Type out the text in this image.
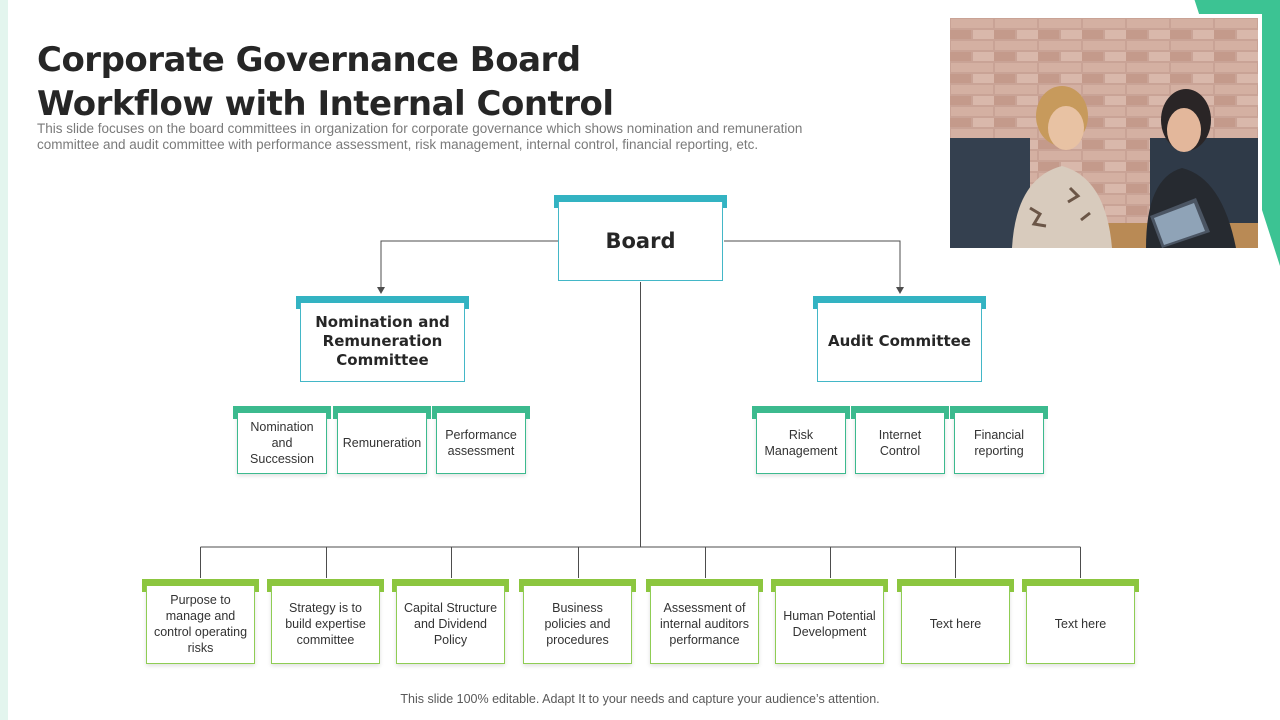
Corporate Governance Board
Workflow with Internal Control
This slide focuses on the board committees in organization for corporate governance which shows nomination and remuneration committee and audit committee with performance assessment, risk management, internal control, financial reporting, etc.
Board
Nomination and Remuneration Committee
Audit Committee
Nomination and Succession
Remuneration
Performance assessment
Risk Management
Internet Control
Financial reporting
Purpose to manage and control operating risks
Strategy is to build expertise committee
Capital Structure and Dividend Policy
Business policies and procedures
Assessment of internal auditors performance
Human Potential Development
Text here	Text here
This slide 100% editable. Adapt It to your needs and capture your audience’s attention.
